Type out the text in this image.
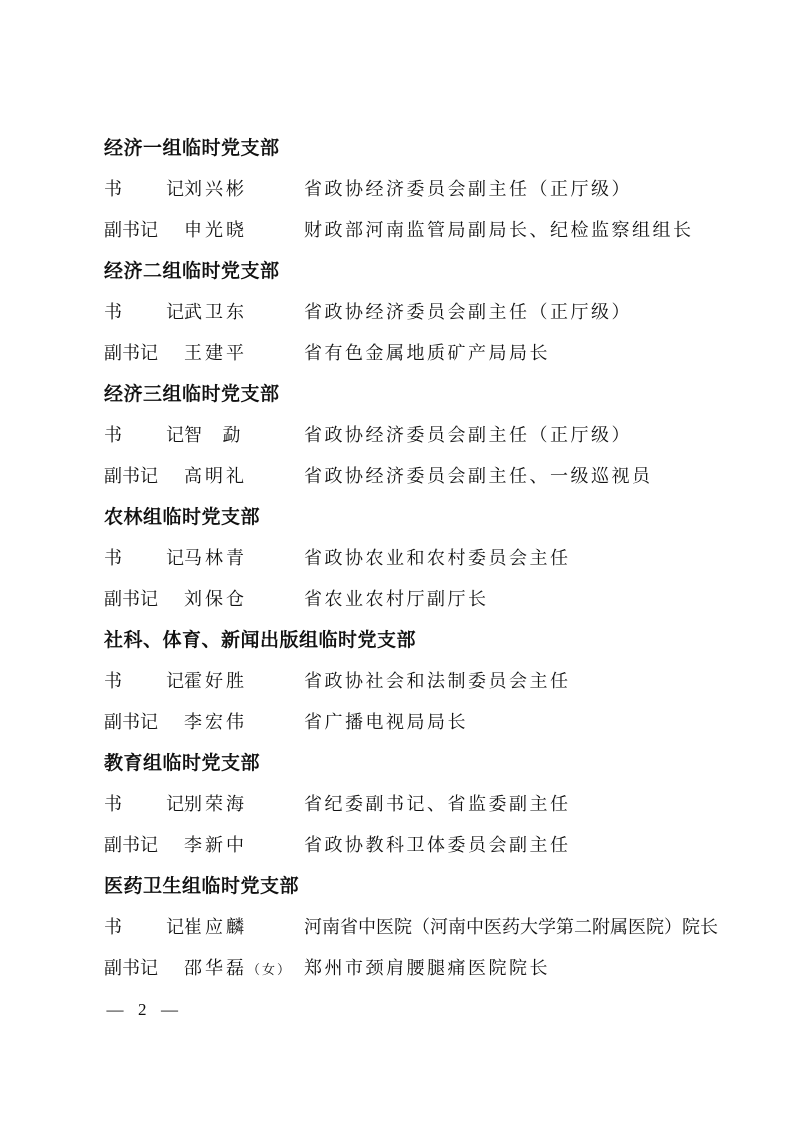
经济一组临时党支部
书 记 刘兴彬	省政协经济委员会副主任（正厅级）
副书记	申光晓	财政部河南监管局副局长、纪检监察组组长
经济二组临时党支部
书 记 武卫东	省政协经济委员会副主任（正厅级）
副书记	王建平	省有色金属地质矿产局局长
经济三组临时党支部
书 记 智  勐	省政协经济委员会副主任（正厅级）
副书记	高明礼	省政协经济委员会副主任、一级巡视员
农林组临时党支部
书 记 马林青	省政协农业和农村委员会主任
副书记	刘保仓	省农业农村厅副厅长
社科、体育、新闻出版组临时党支部
书 记 霍好胜	省政协社会和法制委员会主任
副书记	李宏伟	省广播电视局局长
教育组临时党支部
书 记 别荣海	省纪委副书记、省监委副主任
副书记	李新中	省政协教科卫体委员会副主任
医药卫生组临时党支部
书 记 崔应麟	河南省中医院（河南中医药大学第二附属医院）院长
副书记	邵华磊（女） 郑州市颈肩腰腿痛医院院长
— 2 —
